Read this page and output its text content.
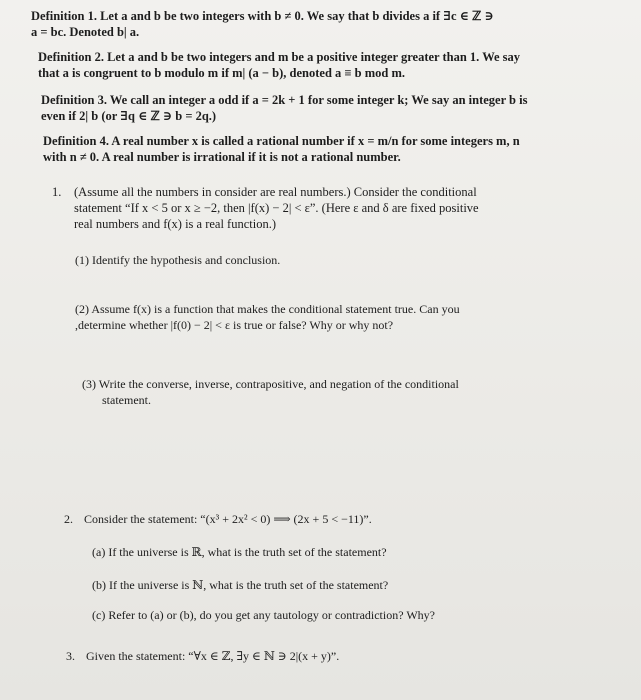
Definition 1. Let a and b be two integers with b ≠ 0. We say that b divides a if ∃c ∈ ℤ ∋
a = bc. Denoted b| a.
Definition 2. Let a and b be two integers and m be a positive integer greater than 1. We say
that a is congruent to b modulo m if m| (a − b), denoted a ≡ b mod m.
Definition 3. We call an integer a odd if a = 2k + 1 for some integer k; We say an integer b is
even if 2| b (or ∃q ∈ ℤ ∋ b = 2q.)
Definition 4. A real number x is called a rational number if x = m/n for some integers m, n
with n ≠ 0. A real number is irrational if it is not a rational number.
1. (Assume all the numbers in consider are real numbers.) Consider the conditional
statement “If x < 5 or x ≥ −2, then |f(x) − 2| < ε”. (Here ε and δ are fixed positive
real numbers and f(x) is a real function.)
(1) Identify the hypothesis and conclusion.
(2) Assume f(x) is a function that makes the conditional statement true. Can you
,determine whether |f(0) − 2| < ε is true or false? Why or why not?
(3) Write the converse, inverse, contrapositive, and negation of the conditional
statement.
2. Consider the statement: “(x³ + 2x² < 0) ⟹ (2x + 5 < −11)”.
(a) If the universe is ℝ, what is the truth set of the statement?
(b) If the universe is ℕ, what is the truth set of the statement?
(c) Refer to (a) or (b), do you get any tautology or contradiction? Why?
3. Given the statement: “∀x ∈ ℤ, ∃y ∈ ℕ ∋ 2|(x + y)”.
